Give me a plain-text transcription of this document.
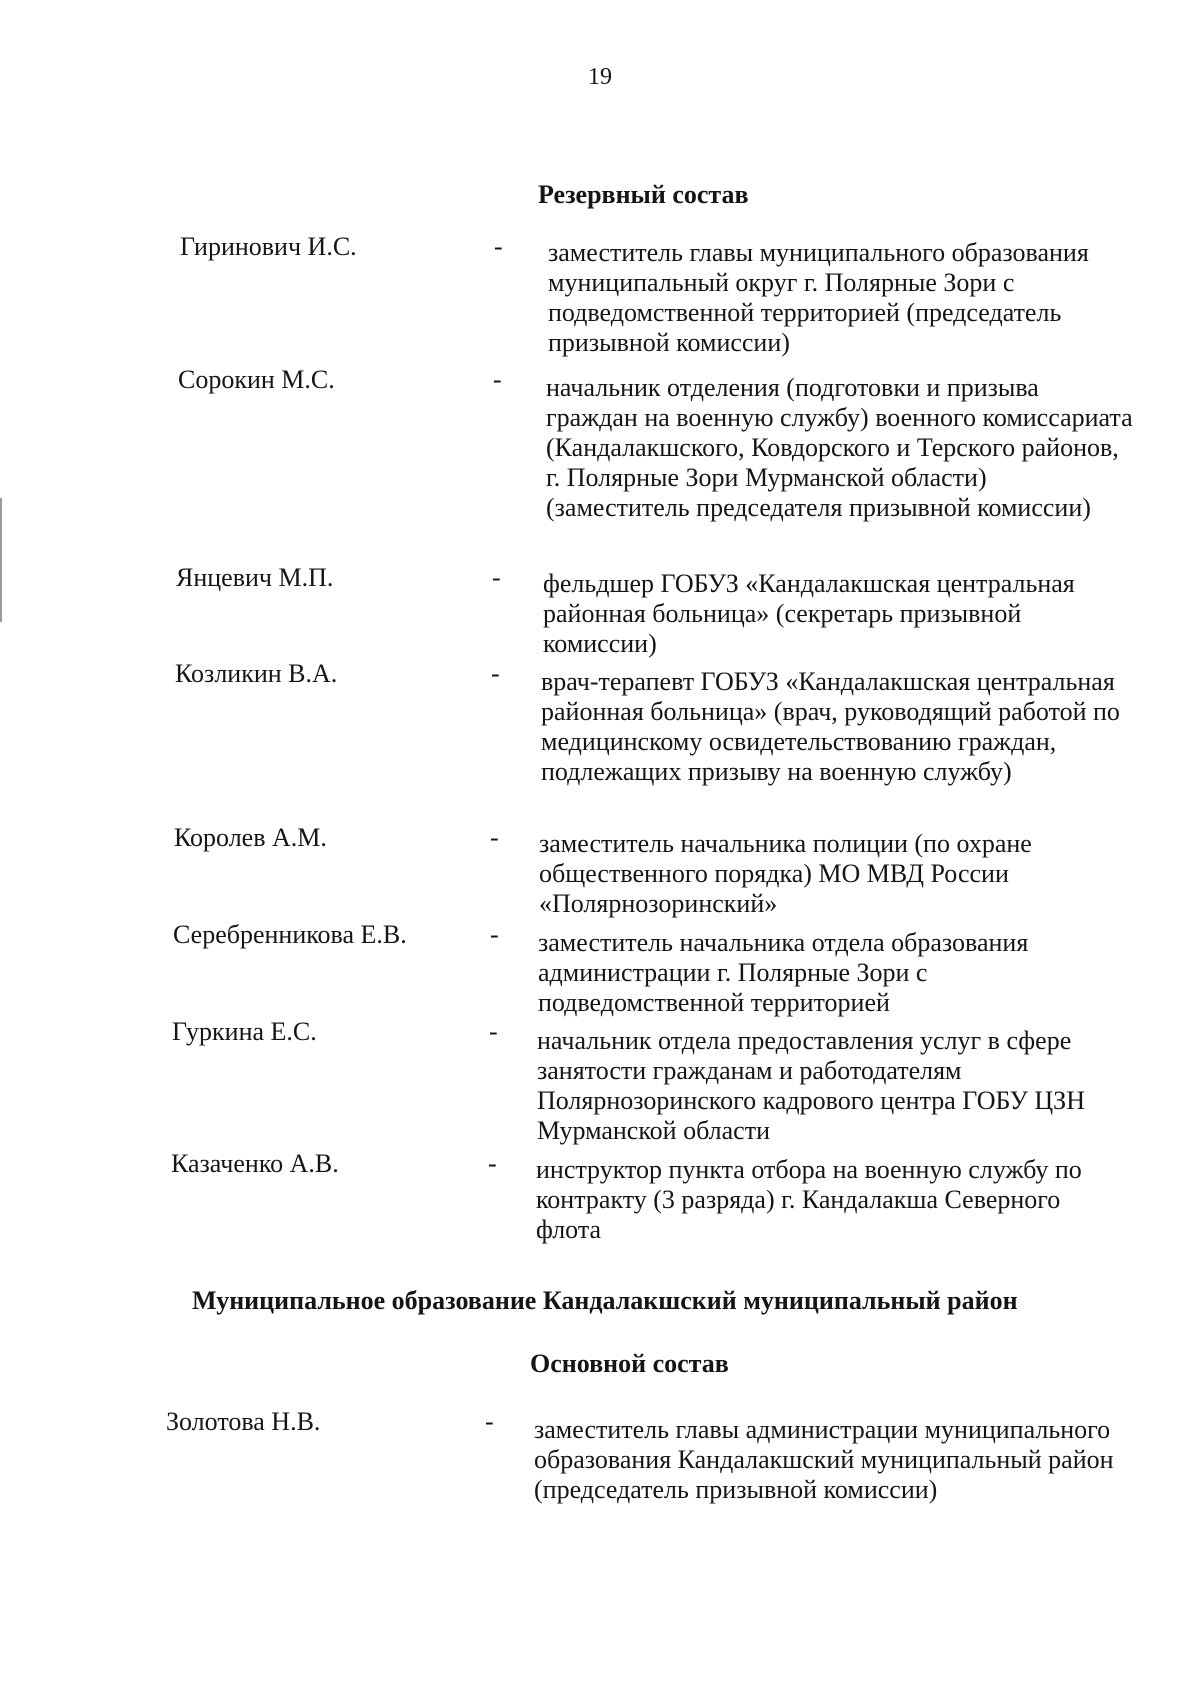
19
Резервный состав
Гиринович И.С.	- заместитель главы муниципального образования муниципальный округ г. Полярные Зори с подведомственной территорией (председатель призывной комиссии)
Сорокин М.С.	- начальник отделения (подготовки и призыва граждан на военную службу) военного комиссариата (Кандалакшского, Ковдорского и Терского районов, г. Полярные Зори Мурманской области) (заместитель председателя призывной комиссии)
Янцевич М.П.	- фельдшер ГОБУЗ «Кандалакшская центральная районная больница» (секретарь призывной комиссии)
Козликин В.А.	- врач-терапевт ГОБУЗ «Кандалакшская центральная районная больница» (врач, руководящий работой по медицинскому освидетельствованию граждан, подлежащих призыву на военную службу)
Королев А.М.	- заместитель начальника полиции (по охране общественного порядка) МО МВД России «Полярнозоринский»
Серебренникова Е.В.	- заместитель начальника отдела образования администрации г. Полярные Зори с подведомственной территорией
Гуркина Е.С.	- начальник отдела предоставления услуг в сфере занятости гражданам и работодателям Полярнозоринского кадрового центра ГОБУ ЦЗН Мурманской области
Казаченко А.В.	- инструктор пункта отбора на военную службу по контракту (3 разряда) г. Кандалакша Северного флота
Муниципальное образование Кандалакшский муниципальный район
Основной состав
Золотова Н.В.	- заместитель главы администрации муниципального образования Кандалакшский муниципальный район (председатель призывной комиссии)
